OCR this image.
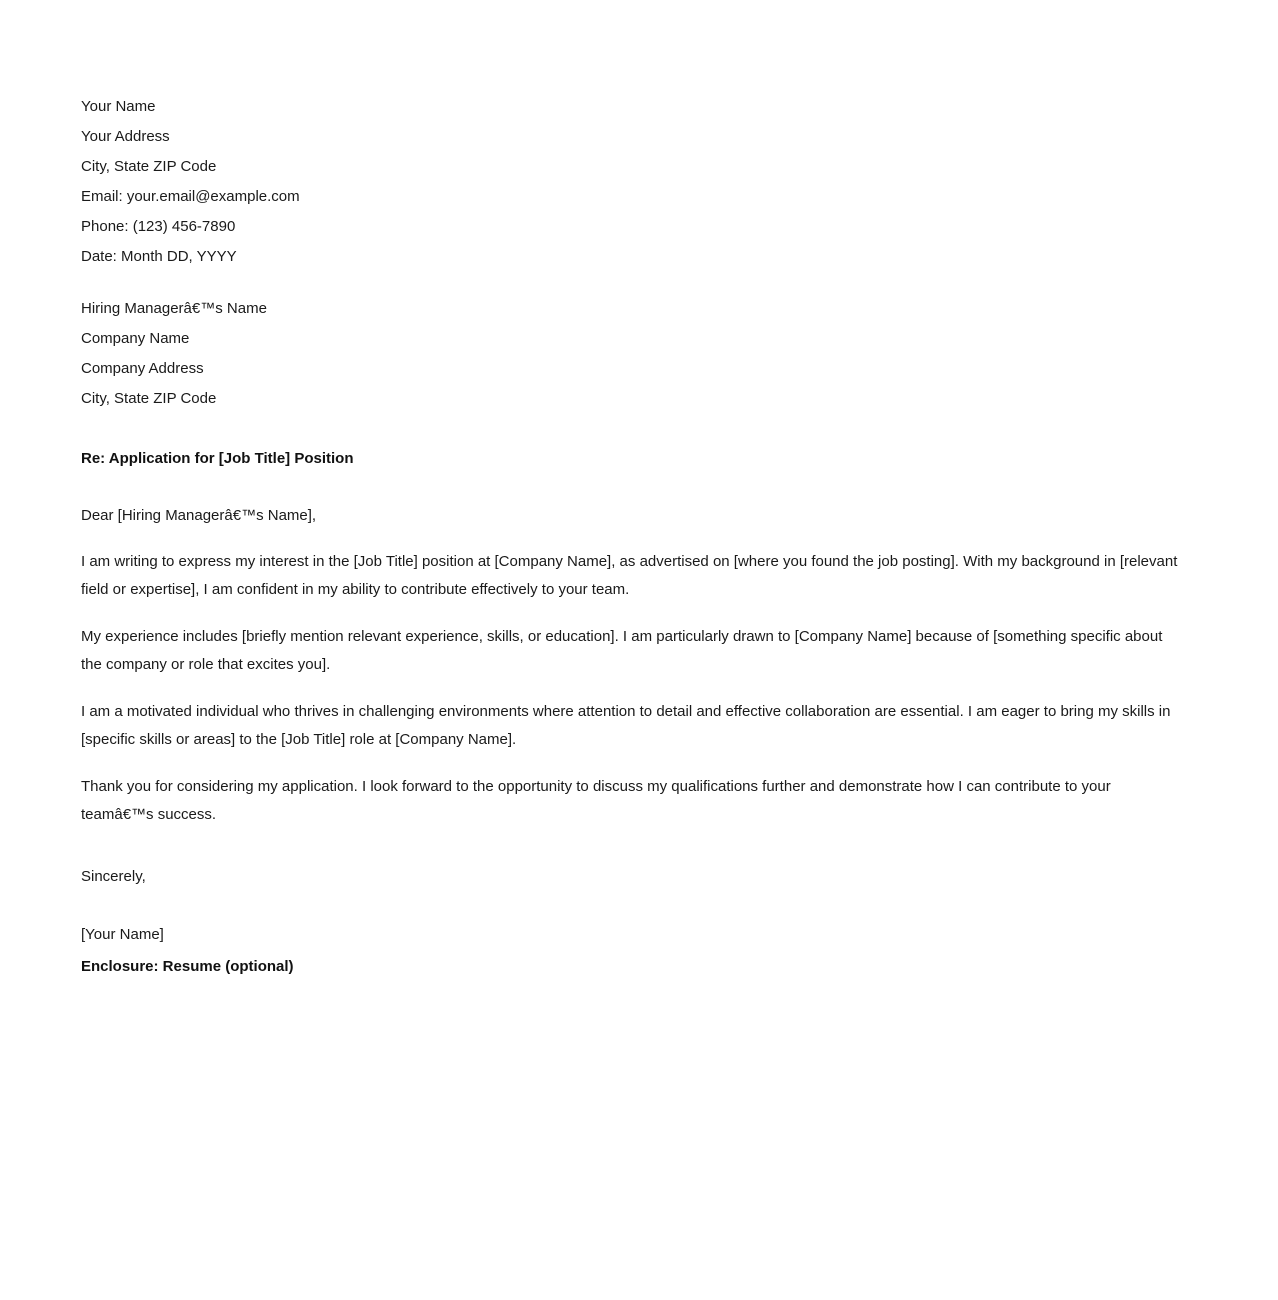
Your Name
Your Address
City, State ZIP Code
Email: your.email@example.com
Phone: (123) 456-7890
Date: Month DD, YYYY
Hiring Managerâ€™s Name
Company Name
Company Address
City, State ZIP Code
Re: Application for [Job Title] Position
Dear [Hiring Managerâ€™s Name],

I am writing to express my interest in the [Job Title] position at [Company Name], as advertised on [where you found the job posting]. With my background in [relevant field or expertise], I am confident in my ability to contribute effectively to your team.

My experience includes [briefly mention relevant experience, skills, or education]. I am particularly drawn to [Company Name] because of [something specific about the company or role that excites you].

I am a motivated individual who thrives in challenging environments where attention to detail and effective collaboration are essential. I am eager to bring my skills in [specific skills or areas] to the [Job Title] role at [Company Name].

Thank you for considering my application. I look forward to the opportunity to discuss my qualifications further and demonstrate how I can contribute to your teamâ€™s success.

Sincerely,
[Your Name]
Enclosure: Resume (optional)
